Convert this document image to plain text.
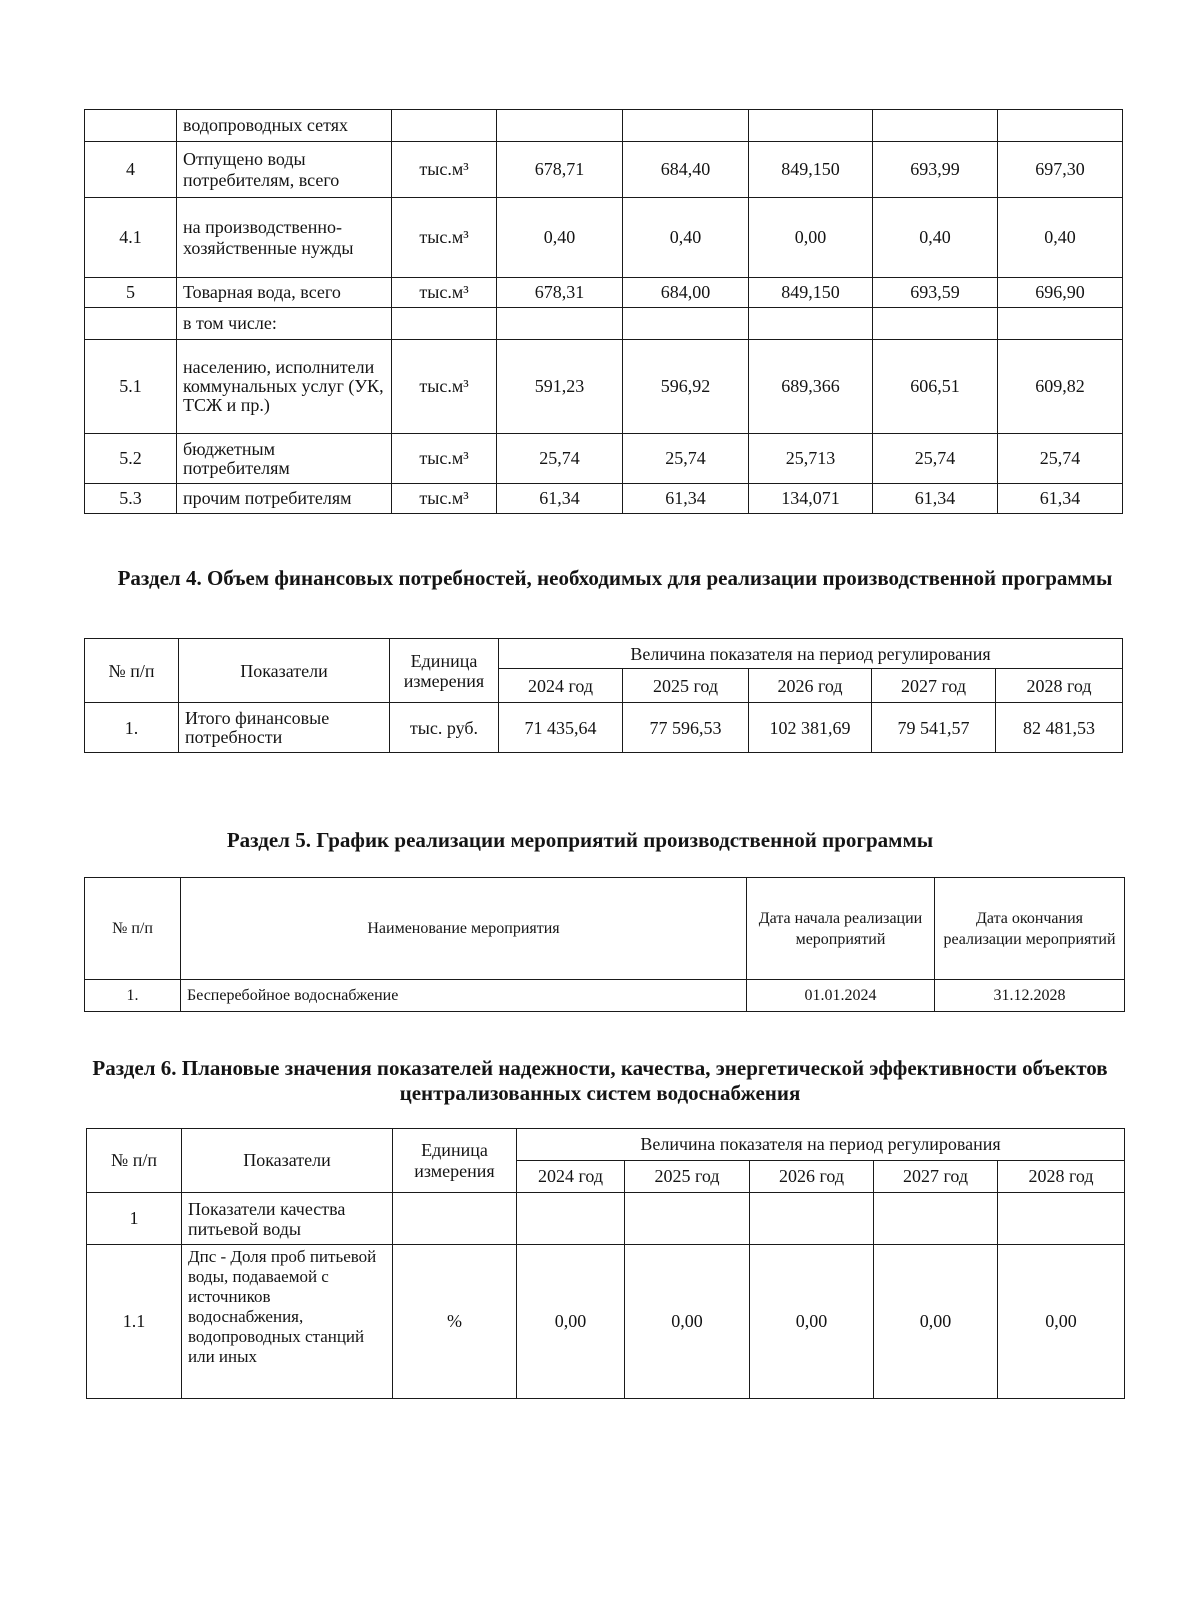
	водопроводных сетях						
4	Отпущено воды потребителям, всего	тыс.м³	678,71	684,40	849,150	693,99	697,30
4.1	на производственно-хозяйственные нужды	тыс.м³	0,40	0,40	0,00	0,40	0,40
5	Товарная вода, всего	тыс.м³	678,31	684,00	849,150	693,59	696,90
	в том числе:						
5.1	населению, исполнители коммунальных услуг (УК, ТСЖ и пр.)	тыс.м³	591,23	596,92	689,366	606,51	609,82
5.2	бюджетным потребителям	тыс.м³	25,74	25,74	25,713	25,74	25,74
5.3	прочим потребителям	тыс.м³	61,34	61,34	134,071	61,34	61,34
Раздел 4. Объем финансовых потребностей, необходимых для реализации производственной программы
№ п/п	Показатели	Единица измерения	Величина показателя на период регулирования				
			2024 год	2025 год	2026 год	2027 год	2028 год
1.	Итого финансовые потребности	тыс. руб.	71 435,64	77 596,53	102 381,69	79 541,57	82 481,53
Раздел 5. График реализации мероприятий производственной программы
№ п/п	Наименование мероприятия	Дата начала реализации мероприятий	Дата окончания реализации мероприятий
1.	Бесперебойное водоснабжение	01.01.2024	31.12.2028
Раздел 6. Плановые значения показателей надежности, качества, энергетической эффективности объектов централизованных систем водоснабжения
№ п/п	Показатели	Единица измерения	Величина показателя на период регулирования				
			2024 год	2025 год	2026 год	2027 год	2028 год
1	Показатели качества питьевой воды						
1.1	Дпс - Доля проб питьевой воды, подаваемой с источников водоснабжения, водопроводных станций или иных	%	0,00	0,00	0,00	0,00	0,00
